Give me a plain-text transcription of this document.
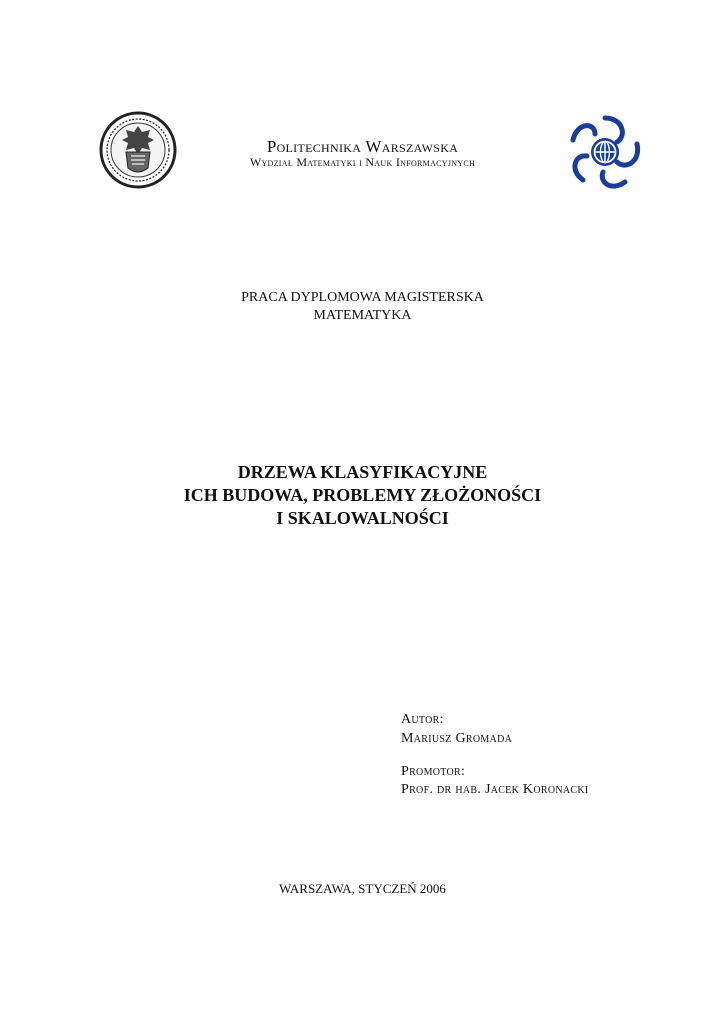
Politechnika Warszawska
Wydział Matematyki i Nauk Informacyjnych
PRACA DYPLOMOWA MAGISTERSKA
MATEMATYKA
DRZEWA KLASYFIKACYJNE
ICH BUDOWA, PROBLEMY ZŁOŻONOŚCI
I SKALOWALNOŚCI
Autor:
Mariusz Gromada
Promotor:
Prof. dr hab. Jacek Koronacki
WARSZAWA, STYCZEŃ 2006
